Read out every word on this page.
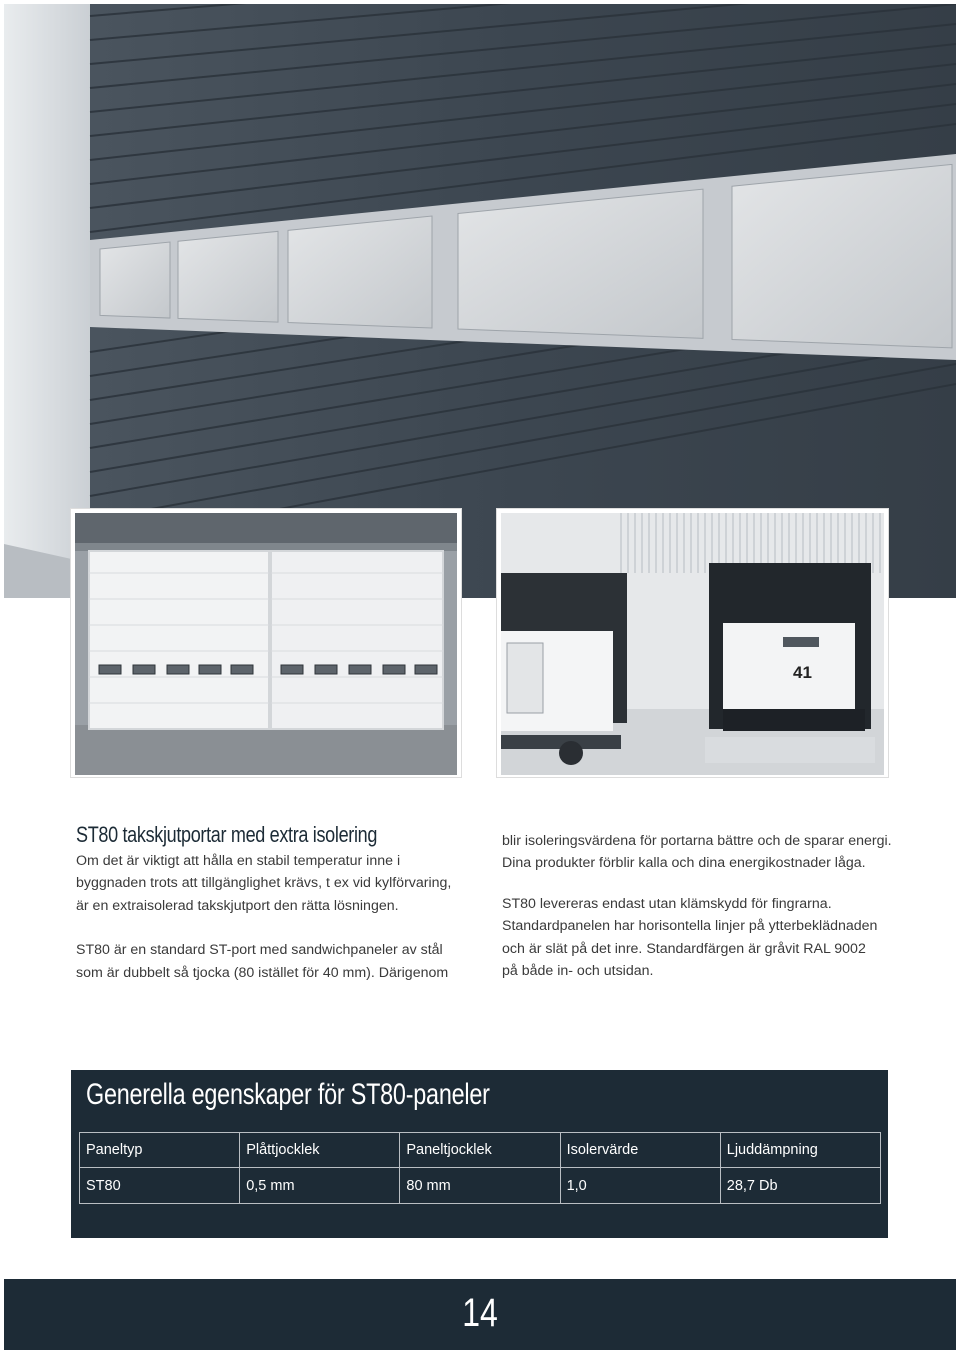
41
ST80 takskjutportar med extra isolering

Om det är viktigt att hålla en stabil temperatur inne i

byggnaden trots att tillgänglighet krävs, t ex vid kylförvaring,

är en extraisolerad takskjutport den rätta lösningen.

ST80 är en standard ST-port med sandwichpaneler av stål

som är dubbelt så tjocka (80 istället för 40 mm). Därigenom

blir isoleringsvärdena för portarna bättre och de sparar energi.

Dina produkter förblir kalla och dina energikostnader låga.

ST80 levereras endast utan klämskydd för fingrarna.

Standardpanelen har horisontella linjer på ytterbeklädnaden

och är slät på det inre. Standardfärgen är gråvit RAL 9002

på både in- och utsidan.

Generella egenskaper för ST80-paneler
Paneltyp	Plåttjocklek	Paneltjocklek	Isolervärde	Ljuddämpning
ST80	0,5 mm	80 mm	1,0	28,7 Db
14
